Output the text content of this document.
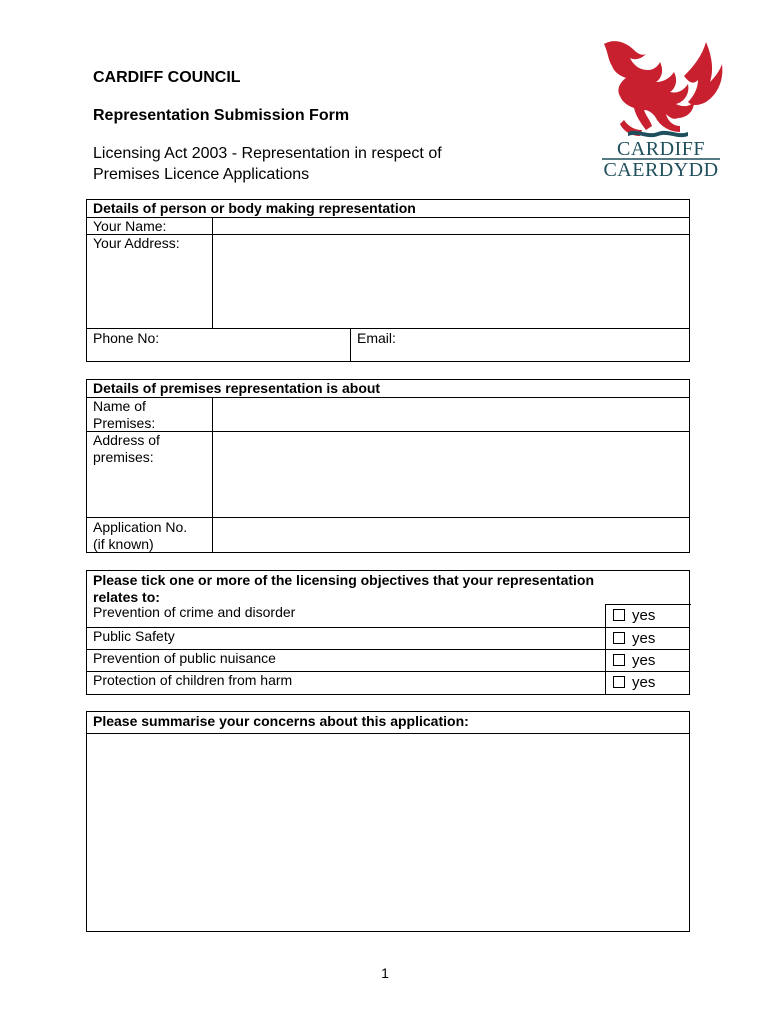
CARDIFF COUNCIL
Representation Submission Form
Licensing Act 2003 - Representation in respect of Premises Licence Applications
CARDIFF
CAERDYDD
Details of person or body making representation
Your Name:
Your Address:
Phone No:	Email:
Details of premises representation is about
Name of
Premises:
Address of
premises:
Application No.
(if known)
Please tick one or more of the licensing objectives that your representation
relates to:
Prevention of crime and disorder	yes
Public Safety	yes
Prevention of public nuisance	yes
Protection of children from harm	yes
Please summarise your concerns about this application:
1
